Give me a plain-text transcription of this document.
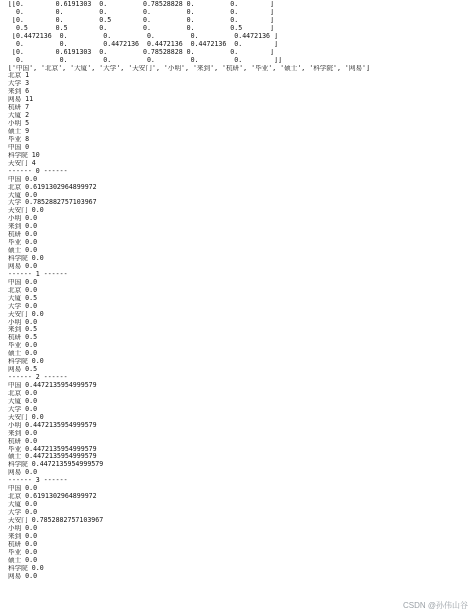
[[0.        0.6191303  0.         0.78528828 0.         0.        ]
0.        0.         0.         0.         0.         0.        ]
[0.        0.         0.5        0.         0.         0.        ]
0.5       0.5        0.         0.         0.         0.5       ]
[0.4472136  0.         0.         0.         0.         0.4472136 ]
0.         0.         0.4472136  0.4472136  0.4472136  0.        ]
[0.        0.6191303  0.         0.78528828 0.         0.        ]
0.         0.         0.         0.         0.         0.        ]]
['中国', '北京', '大厦', '大学', '天安门', '小明', '来到', '杭研', '毕业', '硕士', '科学院', '网易']
北京 1
大学 3
来到 6
网易 11
杭研 7
大厦 2
小明 5
硕士 9
毕业 8
中国 0
科学院 10
天安门 4
------ 0 ------
中国 0.0
北京 0.6191302964899972
大厦 0.0
大学 0.7852882757103967
天安门 0.0
小明 0.0
来到 0.0
杭研 0.0
毕业 0.0
硕士 0.0
科学院 0.0
网易 0.0
------ 1 ------
中国 0.0
北京 0.0
大厦 0.5
大学 0.0
天安门 0.0
小明 0.0
来到 0.5
杭研 0.5
毕业 0.0
硕士 0.0
科学院 0.0
网易 0.5
------ 2 ------
中国 0.4472135954999579
北京 0.0
大厦 0.0
大学 0.0
天安门 0.0
小明 0.4472135954999579
来到 0.0
杭研 0.0
毕业 0.4472135954999579
硕士 0.4472135954999579
科学院 0.4472135954999579
网易 0.0
------ 3 ------
中国 0.0
北京 0.6191302964899972
大厦 0.0
大学 0.0
天安门 0.7852882757103967
小明 0.0
来到 0.0
杭研 0.0
毕业 0.0
硕士 0.0
科学院 0.0
网易 0.0
CSDN @孙伟山谷
